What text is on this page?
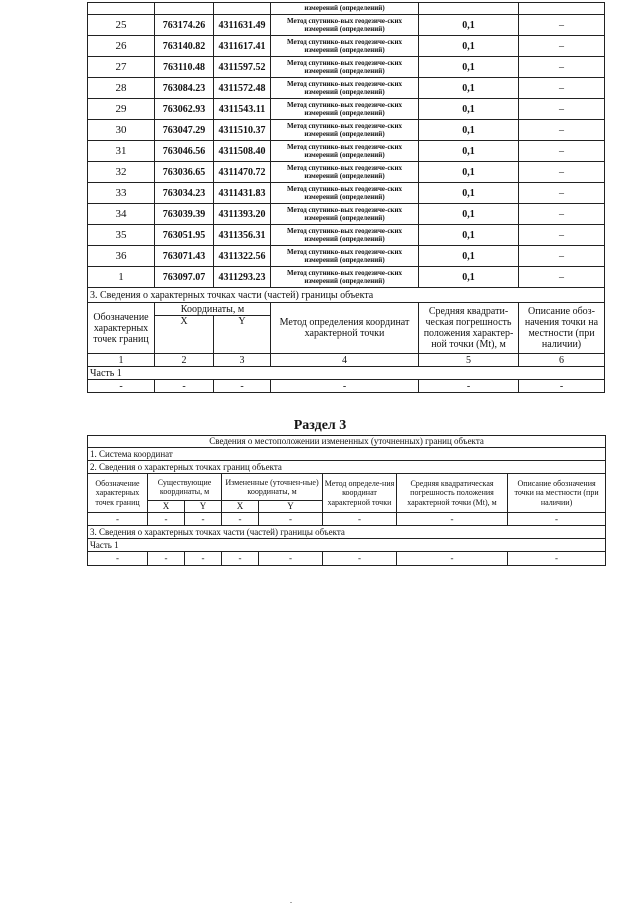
			измерений (определений)		
25	763174.26	4311631.49	Метод спутнико-вых геодезиче-ских измерений (определений)	0,1	–
26	763140.82	4311617.41	Метод спутнико-вых геодезиче-ских измерений (определений)	0,1	–
27	763110.48	4311597.52	Метод спутнико-вых геодезиче-ских измерений (определений)	0,1	–
28	763084.23	4311572.48	Метод спутнико-вых геодезиче-ских измерений (определений)	0,1	–
29	763062.93	4311543.11	Метод спутнико-вых геодезиче-ских измерений (определений)	0,1	–
30	763047.29	4311510.37	Метод спутнико-вых геодезиче-ских измерений (определений)	0,1	–
31	763046.56	4311508.40	Метод спутнико-вых геодезиче-ских измерений (определений)	0,1	–
32	763036.65	4311470.72	Метод спутнико-вых геодезиче-ских измерений (определений)	0,1	–
33	763034.23	4311431.83	Метод спутнико-вых геодезиче-ских измерений (определений)	0,1	–
34	763039.39	4311393.20	Метод спутнико-вых геодезиче-ских измерений (определений)	0,1	–
35	763051.95	4311356.31	Метод спутнико-вых геодезиче-ских измерений (определений)	0,1	–
36	763071.43	4311322.56	Метод спутнико-вых геодезиче-ских измерений (определений)	0,1	–
1	763097.07	4311293.23	Метод спутнико-вых геодезиче-ских измерений (определений)	0,1	–
3. Сведения о характерных точках части (частей) границы объекта					
Обозначение характерных точек границ	Координаты, м		Метод определения координат характерной точки	Средняя квадрати-ческая погрешность положения характер-ной точки (Mt), м	Описание обоз-начения точки на местности (при наличии)
	X	Y			
1	2	3	4	5	6
Часть 1					
-	-	-	-	-	-
Раздел 3
Сведения о местоположении измененных (уточненных) границ объекта							
1. Система координат							
2. Сведения о характерных точках границ объекта							
Обозначение характерных точек границ	Существующие координаты, м		Измененные (уточнен-ные) координаты, м		Метод определе-ния координат характерной точки	Средняя квадратическая погрешность положения характерной точки (Mt), м	Описание обозначения точки на местности (при наличии)
	X	Y	X	Y			
-	-	-	-	-	-	-	-
3. Сведения о характерных точках части (частей) границы объекта							
Часть 1							
-	-	-	-	-	-	-	-
.
